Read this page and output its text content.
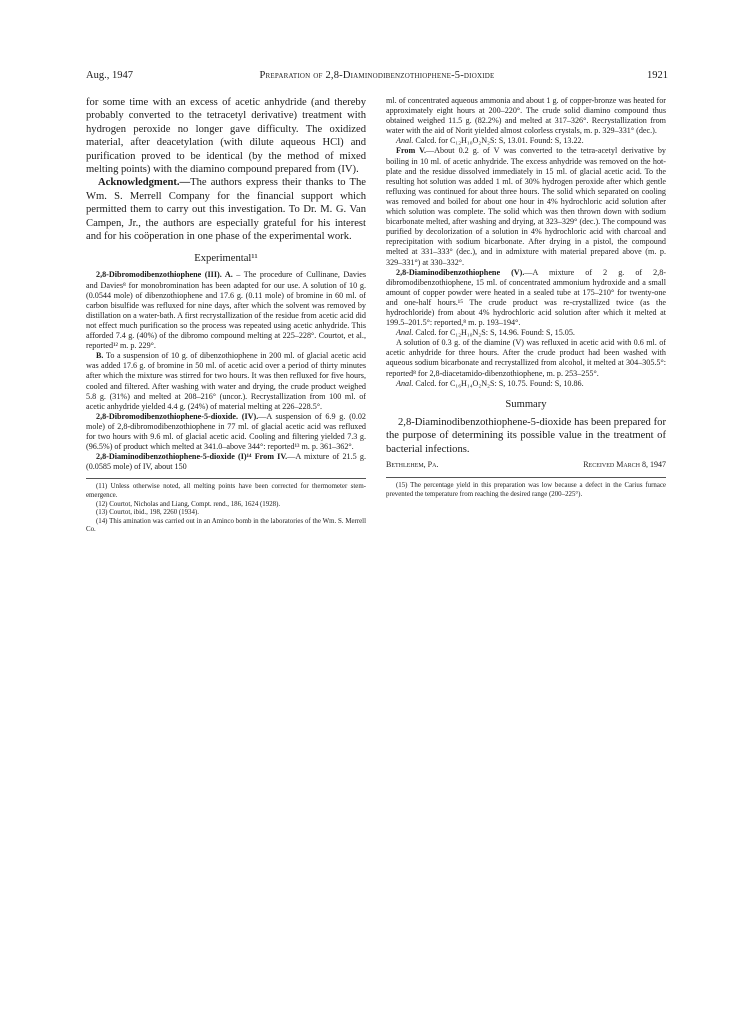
Aug., 1947	Preparation of 2,8-Diaminodibenzothiophene-5-dioxide	1921

for some time with an excess of acetic anhydride (and thereby probably converted to the tetracetyl derivative) treatment with hydrogen peroxide no longer gave difficulty. The oxidized material, after deacetylation (with dilute aqueous HCl) and purification proved to be identical (by the method of mixed melting points) with the diamino compound prepared from (IV).

Acknowledgment.—The authors express their thanks to The Wm. S. Merrell Company for the financial support which permitted them to carry out this investigation. To Dr. M. G. Van Campen, Jr., the authors are especially grateful for his interest and for his coöperation in one phase of the experimental work.

Experimental¹¹

2,8-Dibromodibenzothiophene (III). A. – The procedure of Cullinane, Davies and Davies⁸ for monobromination has been adapted for our use. A solution of 10 g. (0.0544 mole) of dibenzothiophene and 17.6 g. (0.11 mole) of bromine in 60 ml. of carbon bisulfide was refluxed for nine days, after which the solvent was removed by distillation on a water-bath. A first recrystallization of the residue from acetic acid did not effect much purification so the process was repeated using acetic anhydride. This afforded 7.4 g. (40%) of the dibromo compound melting at 225–228°. Courtot, et al., reported¹² m. p. 229°.

B. To a suspension of 10 g. of dibenzothiophene in 200 ml. of glacial acetic acid was added 17.6 g. of bromine in 50 ml. of acetic acid over a period of thirty minutes after which the mixture was stirred for two hours. It was then refluxed for five hours, cooled and filtered. After washing with water and drying, the crude product weighed 5.8 g. (31%) and melted at 208–216° (uncor.). Recrystallization from 100 ml. of acetic anhydride yielded 4.4 g. (24%) of material melting at 226–228.5°.

2,8-Dibromodibenzothiophene-5-dioxide. (IV).—A suspension of 6.9 g. (0.02 mole) of 2,8-dibromodibenzothiophene in 77 ml. of glacial acetic acid was refluxed for two hours with 9.6 ml. of glacial acetic acid. Cooling and filtering yielded 7.3 g. (96.5%) of product which melted at 341.0–above 344°: reported¹³ m. p. 361–362°.

2,8-Diaminodibenzothiophene-5-dioxide (I)¹⁴ From IV.—A mixture of 21.5 g. (0.0585 mole) of IV, about 150

(11) Unless otherwise noted, all melting points have been corrected for thermometer stem-emergence.

(12) Courtot, Nicholas and Liang, Compt. rend., 186, 1624 (1928).

(13) Courtot, ibid., 198, 2260 (1934).

(14) This amination was carried out in an Aminco bomb in the laboratories of the Wm. S. Merrell Co.

ml. of concentrated aqueous ammonia and about 1 g. of copper-bronze was heated for approximately eight hours at 200–220°. The crude solid diamino compound thus obtained weighed 11.5 g. (82.2%) and melted at 317–326°. Recrystallization from water with the aid of Norit yielded almost colorless crystals, m. p. 329–331° (dec.).

Anal. Calcd. for C₁₂H₁₀O₂N₂S: S, 13.01. Found: S, 13.22.

From V.—About 0.2 g. of V was converted to the tetra-acetyl derivative by boiling in 10 ml. of acetic anhydride. The excess anhydride was removed on the hot-plate and the residue dissolved immediately in 15 ml. of glacial acetic acid. To the resulting hot solution was added 1 ml. of 30% hydrogen peroxide after which gentle refluxing was continued for about three hours. The solid which separated on cooling was removed and boiled for about one hour in 4% hydrochloric acid solution after which solution was complete. The solid which was then thrown down with sodium bicarbonate melted, after washing and drying, at 323–329° (dec.). The compound was purified by decolorization of a solution in 4% hydrochloric acid with charcoal and reprecipitation with sodium bicarbonate. After drying in a pistol, the compound melted at 331–333° (dec.), and in admixture with material prepared above (m. p. 329–331°) at 330–332°.

2,8-Diaminodibenzothiophene (V).—A mixture of 2 g. of 2,8-dibromodibenzothiophene, 15 ml. of concentrated ammonium hydroxide and a small amount of copper powder were heated in a sealed tube at 175–210° for twenty-one and one-half hours.¹⁵ The crude product was re-crystallized twice (as the hydrochloride) from about 4% hydrochloric acid solution after which it melted at 199.5–201.5°: reported,⁸ m. p. 193–194°.

Anal. Calcd. for C₁₂H₁₀N₂S: S, 14.96. Found: S, 15.05.

A solution of 0.3 g. of the diamine (V) was refluxed in acetic acid with 0.6 ml. of acetic anhydride for three hours. After the crude product had been washed with aqueous sodium bicarbonate and recrystallized from alcohol, it melted at 304–305.5°: reported⁸ for 2,8-diacetamido-dibenzothiophene, m. p. 253–255°.

Anal. Calcd. for C₁₆H₁₄O₂N₂S: S, 10.75. Found: S, 10.86.

Summary

2,8-Diaminodibenzothiophene-5-dioxide has been prepared for the purpose of determining its possible value in the treatment of bacterial infections.

Bethlehem, Pa.	Received March 8, 1947

(15) The percentage yield in this preparation was low because a defect in the Carius furnace prevented the temperature from reaching the desired range (200–225°).
